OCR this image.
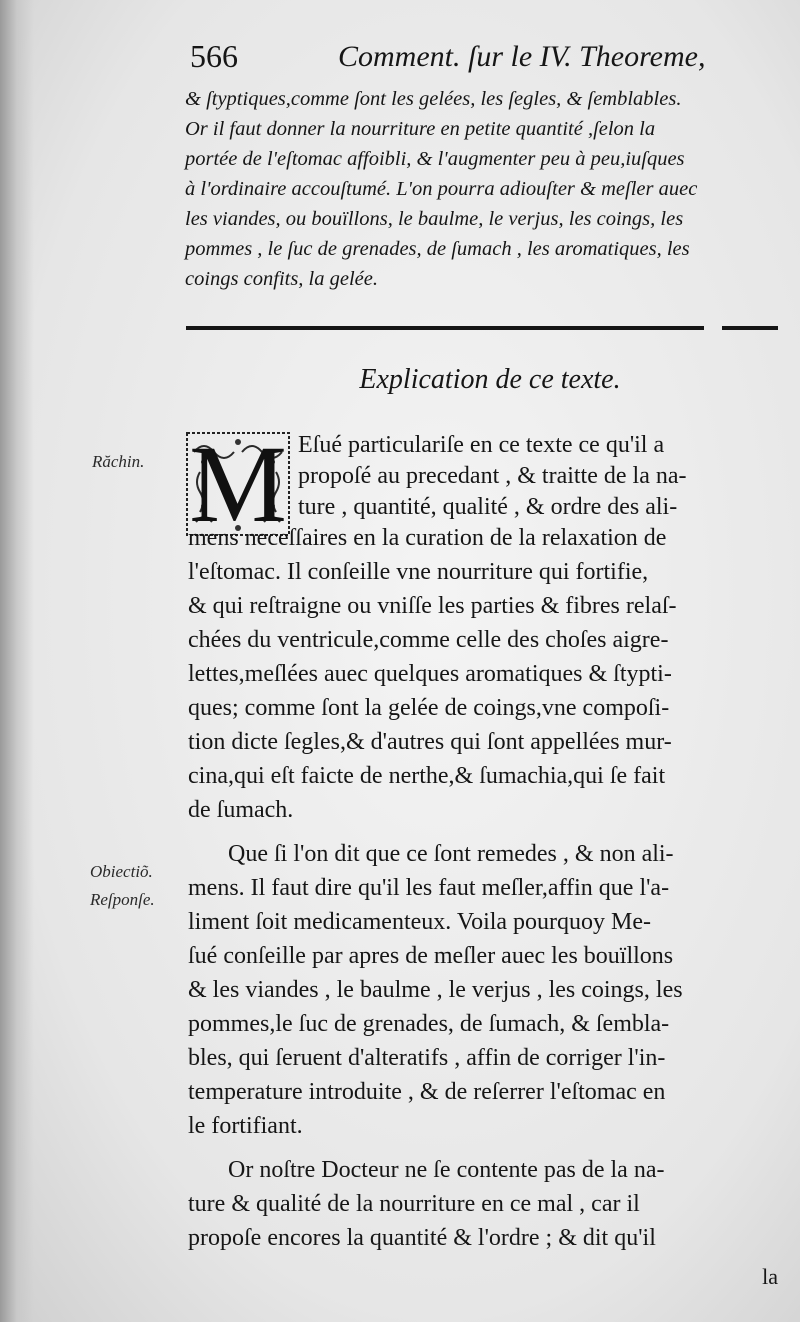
566	Comment. ſur le IV. Theoreme,
& ſtyptiques,comme ſont les gelées, les ſegles, & ſemblables. Or il faut donner la nourriture en petite quantité ,ſelon la portée de l'eſtomac affoibli, & l'augmenter peu à peu,iuſques à l'ordinaire accouſtumé. L'on pourra adiouſter & meſler auec les viandes, ou bouïllons, le baulme, le verjus, les coings, les pommes , le ſuc de grenades, de ſumach , les aromatiques, les coings confits, la gelée.
Explication de ce texte.
Răchin.
Obiectiõ.
Reſponſe.
M Eſué particulariſe en ce texte ce qu'il a
propoſé au precedant , & traitte de la na-
ture , quantité, qualité , & ordre des ali-
mens neceſſaires en la curation de la relaxation de
l'eſtomac. Il conſeille vne nourriture qui fortifie,
& qui reſtraigne ou vniſſe les parties & fibres relaſ-
chées du ventricule,comme celle des choſes aigre-
lettes,meſlées auec quelques aromatiques & ſtypti-
ques; comme ſont la gelée de coings,vne compoſi-
tion dicte ſegles,& d'autres qui ſont appellées mur-
cina,qui eſt faicte de nerthe,& ſumachia,qui ſe fait
de ſumach.
Que ſi l'on dit que ce ſont remedes , & non ali-
mens. Il faut dire qu'il les faut meſler,affin que l'a-
liment ſoit medicamenteux. Voila pourquoy Me-
ſué conſeille par apres de meſler auec les bouïllons
& les viandes , le baulme , le verjus , les coings, les
pommes,le ſuc de grenades, de ſumach, & ſembla-
bles, qui ſeruent d'alteratifs , affin de corriger l'in-
temperature introduite , & de reſerrer l'eſtomac en
le fortifiant.
Or noſtre Docteur ne ſe contente pas de la na-
ture & qualité de la nourriture en ce mal , car il
propoſe encores la quantité & l'ordre ; & dit qu'il
la
